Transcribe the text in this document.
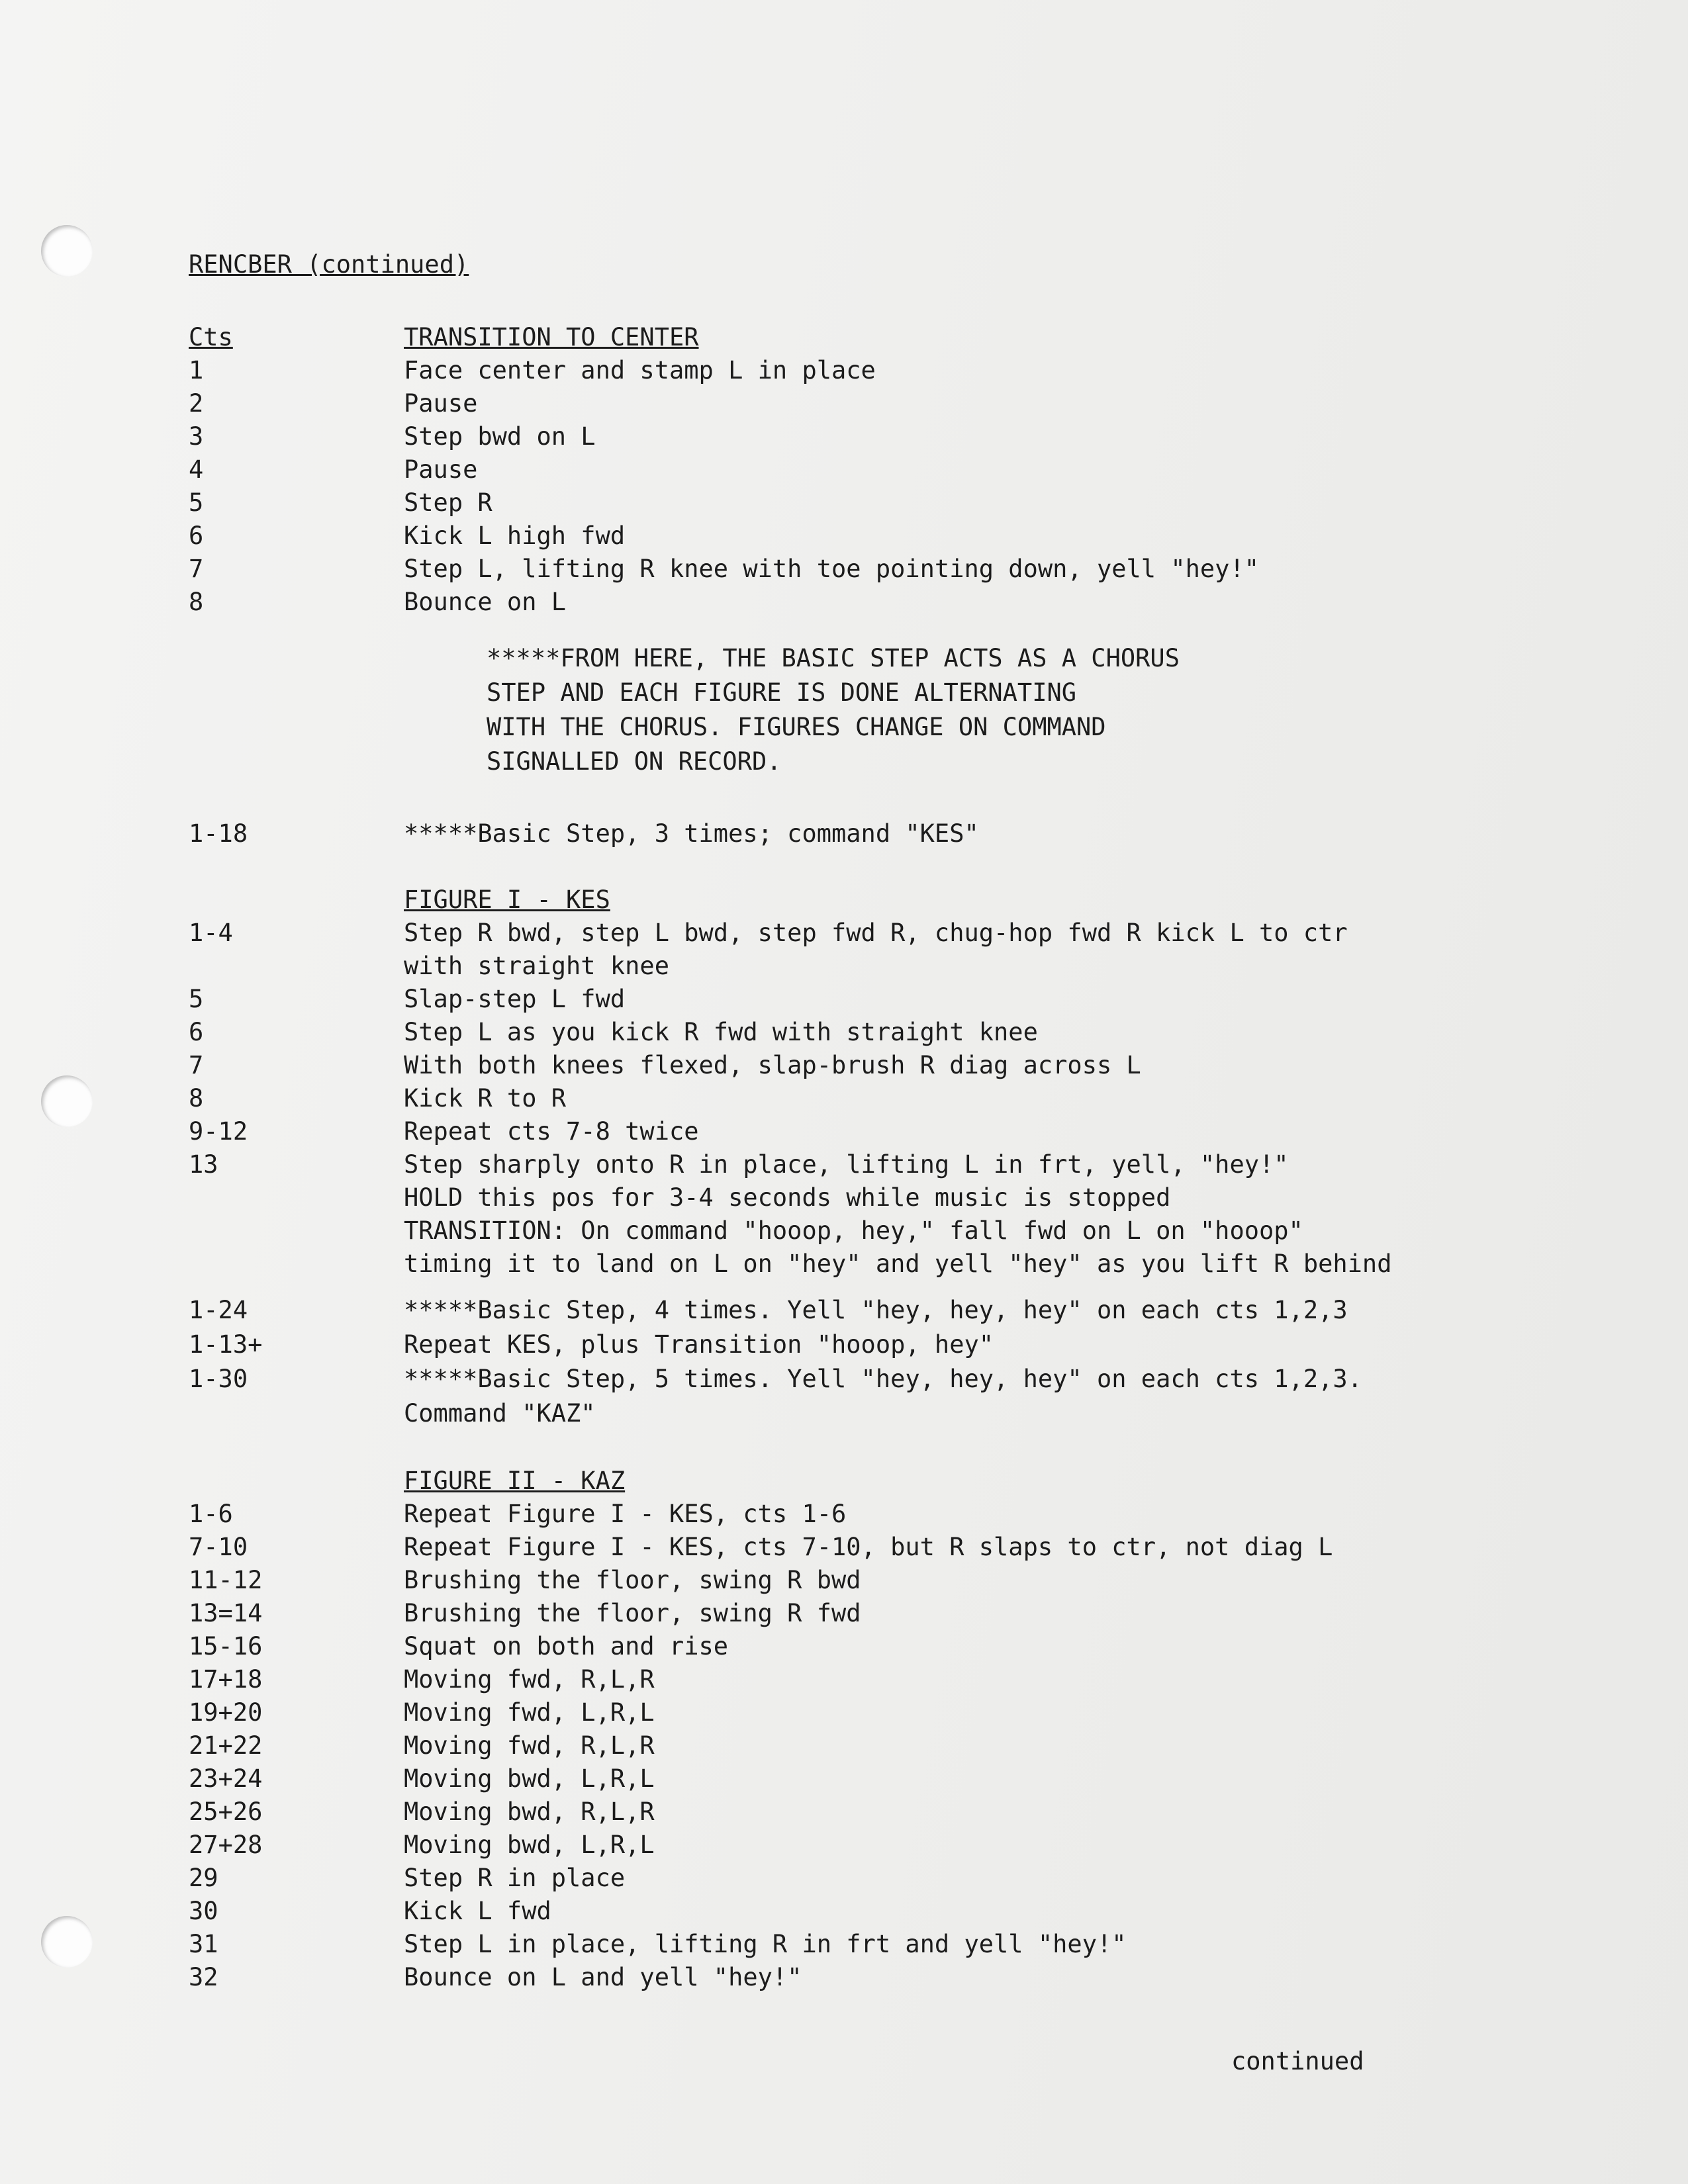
RENCBER (continued)
Cts	TRANSITION TO CENTER
1	Face center and stamp L in place
2	Pause
3	Step bwd on L
4	Pause
5	Step R
6	Kick L high fwd
7	Step L, lifting R knee with toe pointing down, yell "hey!"
8	Bounce on L
*****FROM HERE, THE BASIC STEP ACTS AS A CHORUS
STEP AND EACH FIGURE IS DONE ALTERNATING
WITH THE CHORUS. FIGURES CHANGE ON COMMAND
SIGNALLED ON RECORD.
1-18	*****Basic Step, 3 times; command "KES"
FIGURE I - KES
1-4	Step R bwd, step L bwd, step fwd R, chug-hop fwd R kick L to ctr
with straight knee
5	Slap-step L fwd
6	Step L as you kick R fwd with straight knee
7	With both knees flexed, slap-brush R diag across L
8	Kick R to R
9-12	Repeat cts 7-8 twice
13	Step sharply onto R in place, lifting L in frt, yell, "hey!"
HOLD this pos for 3-4 seconds while music is stopped
TRANSITION: On command "hooop, hey," fall fwd on L on "hooop"
timing it to land on L on "hey" and yell "hey" as you lift R behind
1-24	*****Basic Step, 4 times. Yell "hey, hey, hey" on each cts 1,2,3
1-13+	Repeat KES, plus Transition "hooop, hey"
1-30	*****Basic Step, 5 times. Yell "hey, hey, hey" on each cts 1,2,3.
Command "KAZ"
FIGURE II - KAZ
1-6	Repeat Figure I - KES, cts 1-6
7-10	Repeat Figure I - KES, cts 7-10, but R slaps to ctr, not diag L
11-12	Brushing the floor, swing R bwd
13=14	Brushing the floor, swing R fwd
15-16	Squat on both and rise
17+18	Moving fwd, R,L,R
19+20	Moving fwd, L,R,L
21+22	Moving fwd, R,L,R
23+24	Moving bwd, L,R,L
25+26	Moving bwd, R,L,R
27+28	Moving bwd, L,R,L
29	Step R in place
30	Kick L fwd
31	Step L in place, lifting R in frt and yell "hey!"
32	Bounce on L and yell "hey!"
continued
